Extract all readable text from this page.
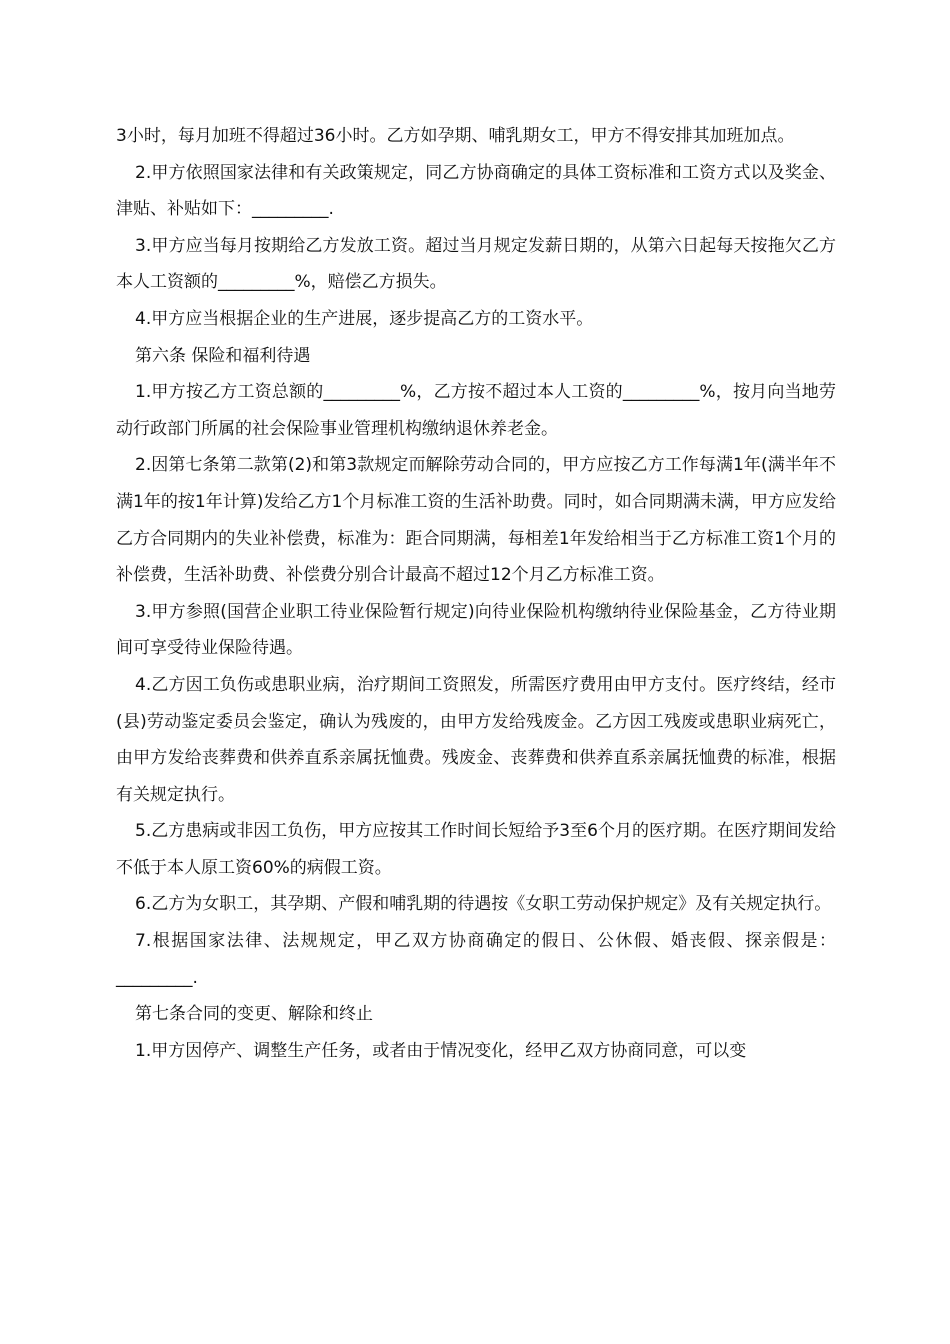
3小时，每月加班不得超过36小时。乙方如孕期、哺乳期女工，甲方不得安排其加班加点。

2.甲方依照国家法律和有关政策规定，同乙方协商确定的具体工资标准和工资方式以及奖金、津贴、补贴如下：_________.

3.甲方应当每月按期给乙方发放工资。超过当月规定发薪日期的，从第六日起每天按拖欠乙方本人工资额的_________%，赔偿乙方损失。

4.甲方应当根据企业的生产进展，逐步提高乙方的工资水平。

第六条 保险和福利待遇

1.甲方按乙方工资总额的_________%，乙方按不超过本人工资的_________%，按月向当地劳动行政部门所属的社会保险事业管理机构缴纳退休养老金。

2.因第七条第二款第(2)和第3款规定而解除劳动合同的，甲方应按乙方工作每满1年(满半年不满1年的按1年计算)发给乙方1个月标准工资的生活补助费。同时，如合同期满未满，甲方应发给乙方合同期内的失业补偿费，标准为：距合同期满，每相差1年发给相当于乙方标准工资1个月的补偿费，生活补助费、补偿费分别合计最高不超过12个月乙方标准工资。

3.甲方参照(国营企业职工待业保险暂行规定)向待业保险机构缴纳待业保险基金，乙方待业期间可享受待业保险待遇。

4.乙方因工负伤或患职业病，治疗期间工资照发，所需医疗费用由甲方支付。医疗终结，经市(县)劳动鉴定委员会鉴定，确认为残废的，由甲方发给残废金。乙方因工残废或患职业病死亡，由甲方发给丧葬费和供养直系亲属抚恤费。残废金、丧葬费和供养直系亲属抚恤费的标准，根据有关规定执行。

5.乙方患病或非因工负伤，甲方应按其工作时间长短给予3至6个月的医疗期。在医疗期间发给不低于本人原工资60%的病假工资。

6.乙方为女职工，其孕期、产假和哺乳期的待遇按《女职工劳动保护规定》及有关规定执行。

7.根据国家法律、法规规定，甲乙双方协商确定的假日、公休假、婚丧假、探亲假是：_________.

第七条合同的变更、解除和终止

1.甲方因停产、调整生产任务，或者由于情况变化，经甲乙双方协商同意，可以变
